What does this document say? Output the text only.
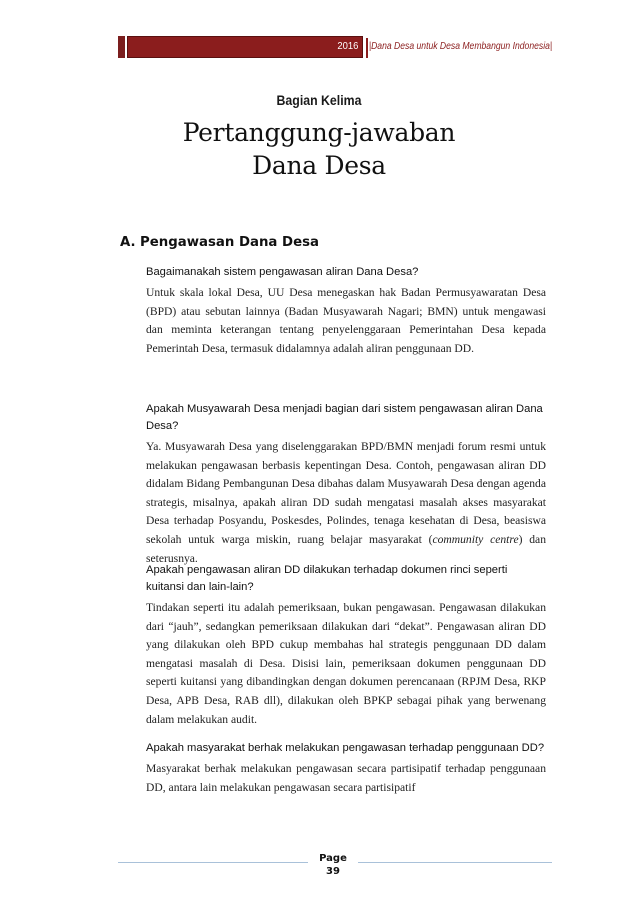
2016 |Dana Desa untuk Desa Membangun Indonesia|
Bagian Kelima
Pertanggung-jawaban
Dana Desa
A. Pengawasan Dana Desa
Bagaimanakah sistem pengawasan aliran Dana Desa?
Untuk skala lokal Desa, UU Desa menegaskan hak Badan Permusyawaratan Desa (BPD) atau sebutan lainnya (Badan Musyawarah Nagari; BMN) untuk mengawasi dan meminta keterangan tentang penyelenggaraan Pemerintahan Desa kepada Pemerintah Desa, termasuk didalamnya adalah aliran penggunaan DD.
Apakah Musyawarah Desa menjadi bagian dari sistem pengawasan aliran Dana Desa?
Ya. Musyawarah Desa yang diselenggarakan BPD/BMN menjadi forum resmi untuk melakukan pengawasan berbasis kepentingan Desa. Contoh, pengawasan aliran DD didalam Bidang Pembangunan Desa dibahas dalam Musyawarah Desa dengan agenda strategis, misalnya, apakah aliran DD sudah mengatasi masalah akses masyarakat Desa terhadap Posyandu, Poskesdes, Polindes, tenaga kesehatan di Desa, beasiswa sekolah untuk warga miskin, ruang belajar masyarakat (community centre) dan seterusnya.
Apakah pengawasan aliran DD dilakukan terhadap dokumen rinci seperti kuitansi dan lain-lain?
Tindakan seperti itu adalah pemeriksaan, bukan pengawasan. Pengawasan dilakukan dari “jauh”, sedangkan pemeriksaan dilakukan dari “dekat”. Pengawasan aliran DD yang dilakukan oleh BPD cukup membahas hal strategis penggunaan DD dalam mengatasi masalah di Desa. Disisi lain, pemeriksaan dokumen penggunaan DD seperti kuitansi yang dibandingkan dengan dokumen perencanaan (RPJM Desa, RKP Desa, APB Desa, RAB dll), dilakukan oleh BPKP sebagai pihak yang berwenang dalam melakukan audit.
Apakah masyarakat berhak melakukan pengawasan terhadap penggunaan DD?
Masyarakat berhak melakukan pengawasan secara partisipatif terhadap penggunaan DD, antara lain melakukan pengawasan secara partisipatif
Page
39
